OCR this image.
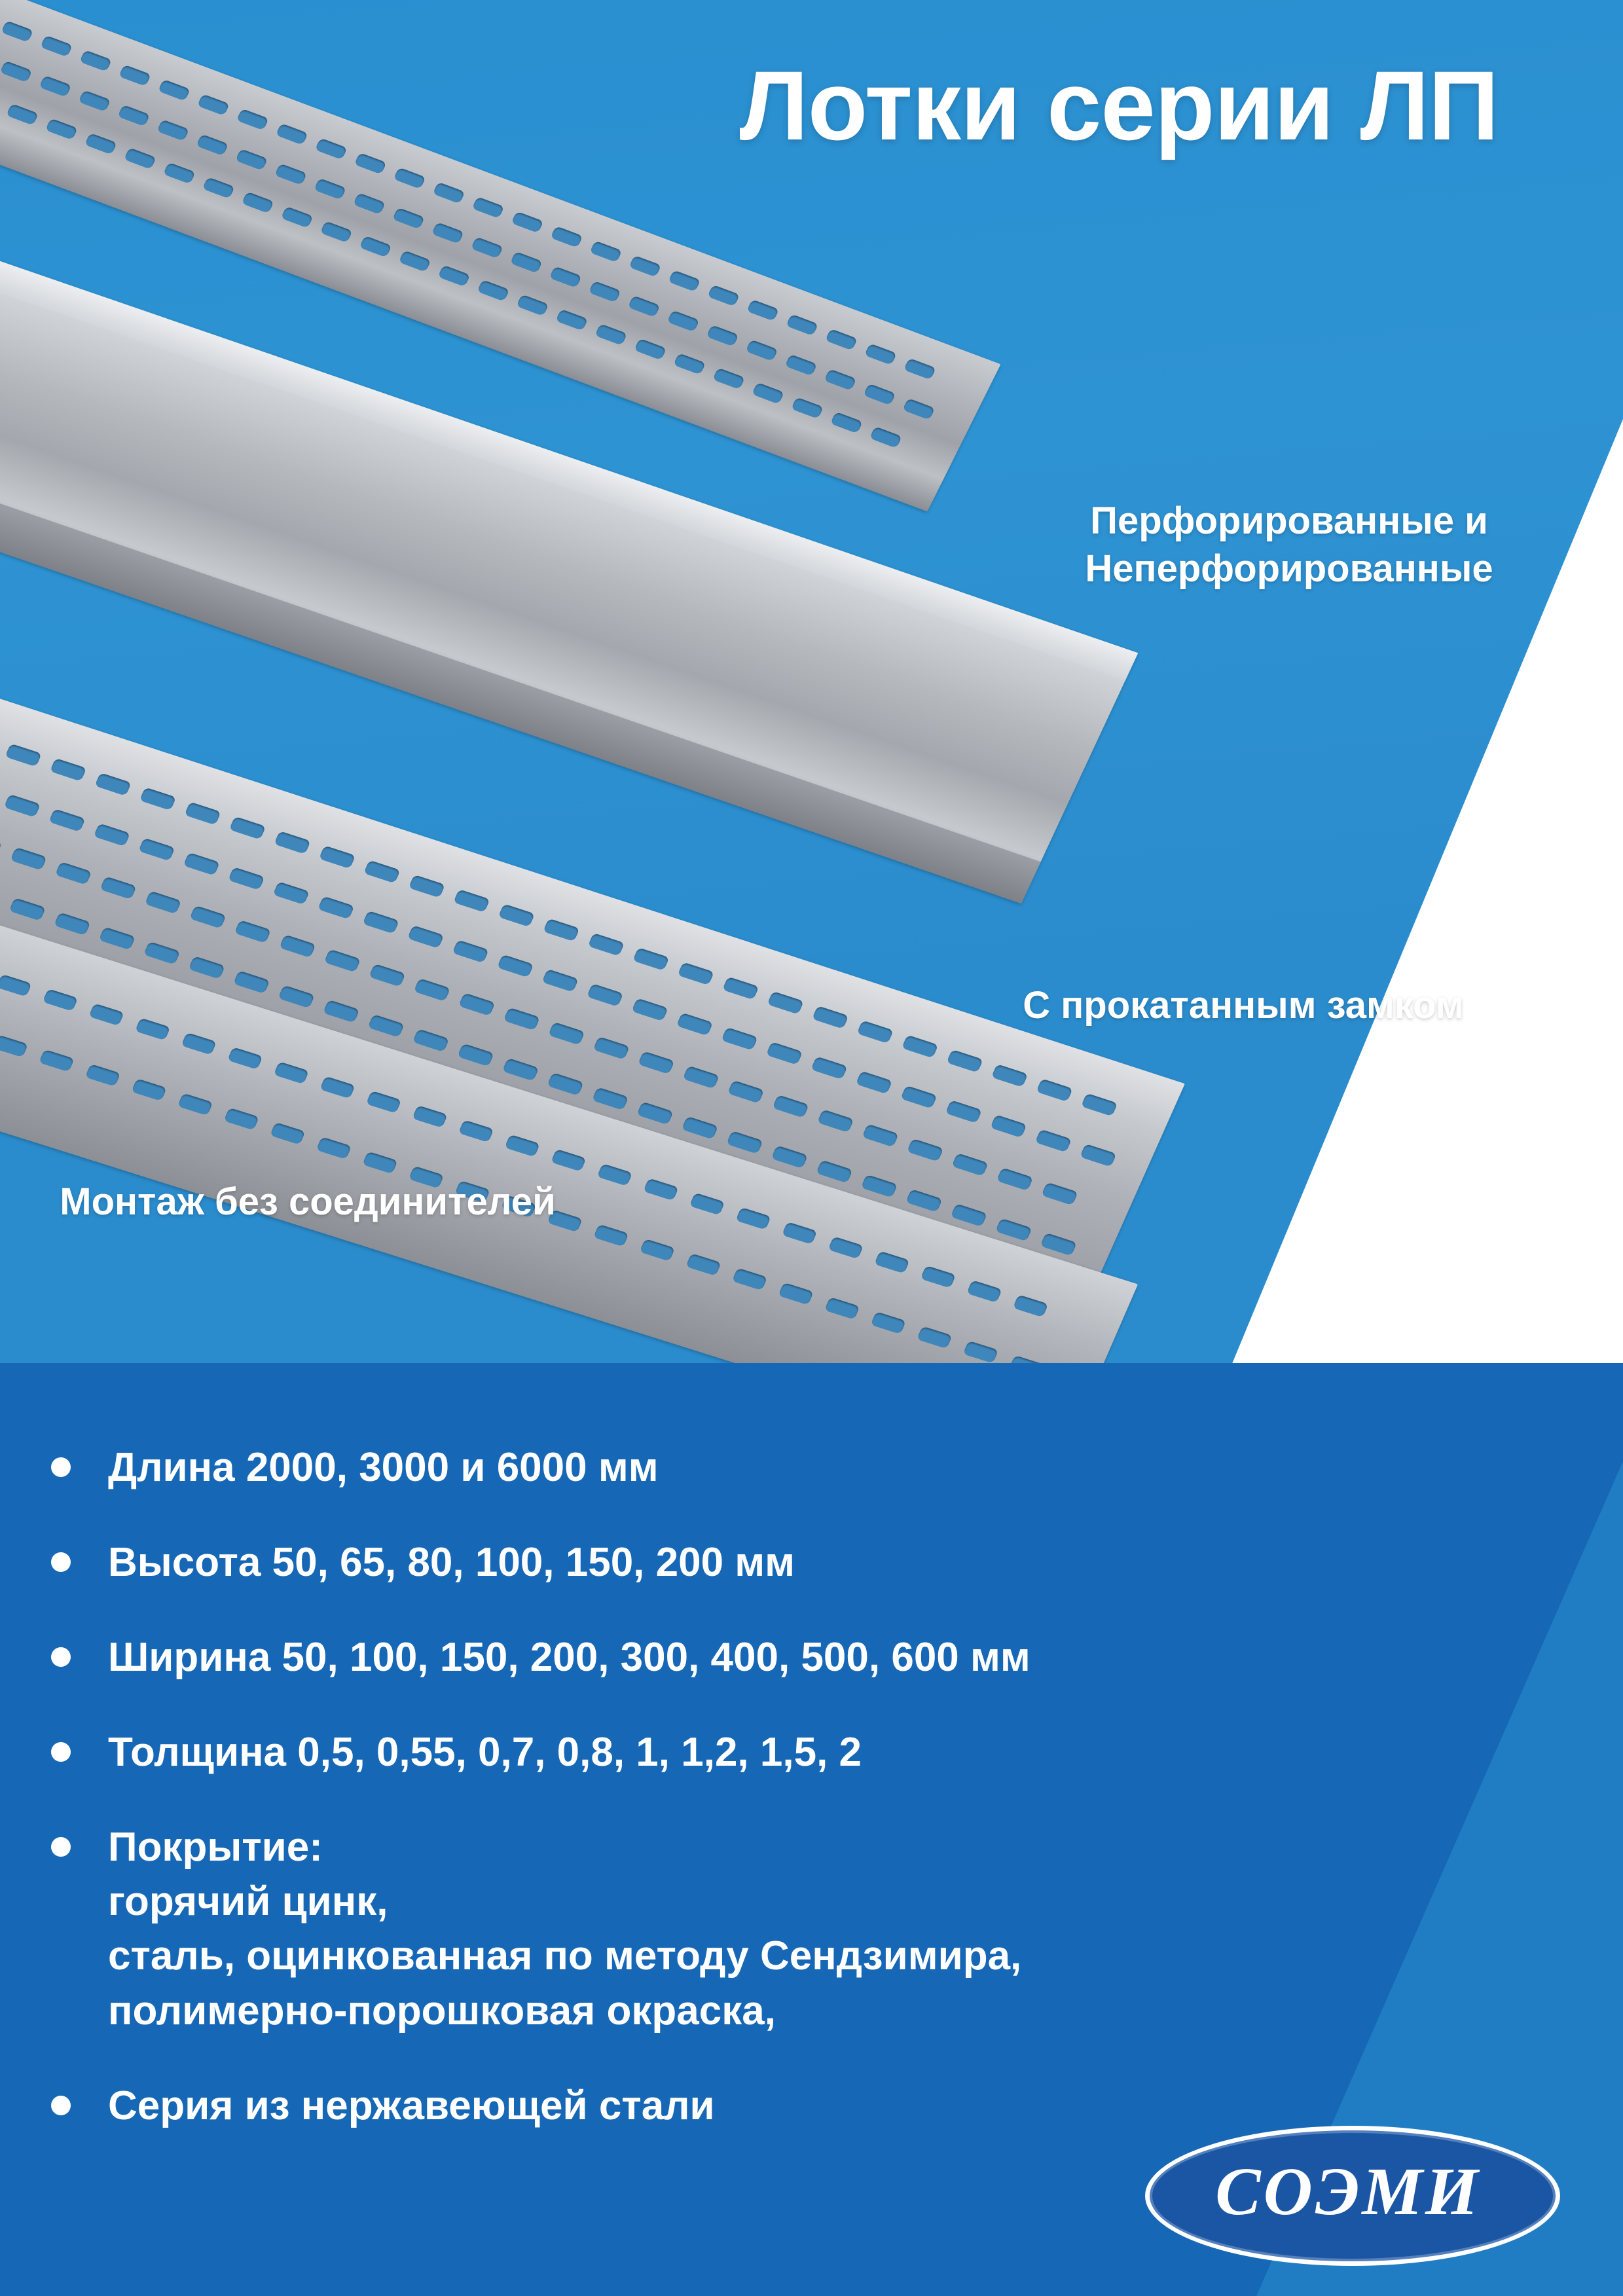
Лотки серии ЛП
Перфорированные и Неперфорированные
С прокатанным замком
Монтаж без соединителей
Длина 2000, 3000 и 6000 мм
Высота 50, 65, 80, 100, 150, 200 мм
Ширина 50, 100, 150, 200, 300, 400, 500, 600 мм
Толщина 0,5, 0,55, 0,7, 0,8, 1, 1,2, 1,5, 2
Покрытие:
горячий цинк,
сталь, оцинкованная по методу Сендзимира,
полимерно-порошковая окраска,
Серия из нержавеющей стали
СОЭМИ
